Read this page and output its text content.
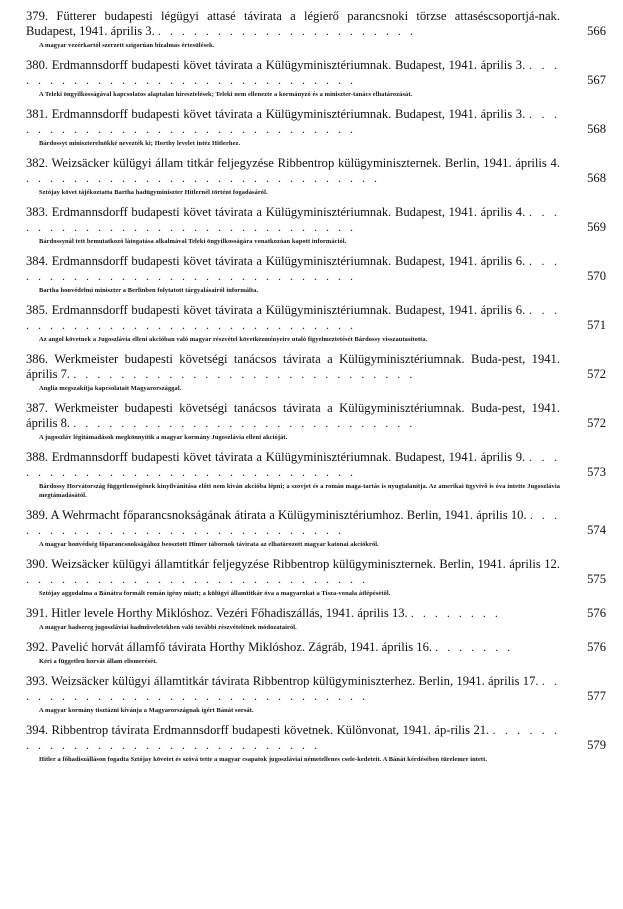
379. Fütterer budapesti légügyi attasé távirata a légierő parancsnoki törzse attaséscsoportjá-nak. Budapest, 1941. április 3. . . . . . . . . . . . . . . . . . . . . . .	566
A magyar vezérkartól szerzett szigorúan bizalmas értesülések.
380. Erdmannsdorff budapesti követ távirata a Külügyminisztériumnak. Budapest, 1941. április 3. . . . . . . . . . . . . . . . . . . . . . . . . . . . . . . .	567
A Teleki öngyilkosságával kapcsolatos alaptalan híresztelések; Teleki nem ellenezte a kormányzó és a miniszter-tanács elhatározását.
381. Erdmannsdorff budapesti követ távirata a Külügyminisztériumnak. Budapest, 1941. április 3. . . . . . . . . . . . . . . . . . . . . . . . . . . . . . . .	568
Bárdossyt miniszterelnökké nevezték ki; Horthy levelet intéz Hitlerhez.
382. Weizsäcker külügyi állam titkár feljegyzése Ribbentrop külügyminiszternek. Berlin, 1941. április 4. . . . . . . . . . . . . . . . . . . . . . . . . . . . . . .	568
Sztójay követ tájékoztatta Bartha hadügyminiszter Hitlernél történt fogadásáról.
383. Erdmannsdorff budapesti követ távirata a Külügyminisztériumnak. Budapest, 1941. április 4. . . . . . . . . . . . . . . . . . . . . . . . . . . . . . . .	569
Bárdossynál tett bemutatkozó látogatása alkalmával Teleki öngyilkosságára vonatkozóan kapott információl.
384. Erdmannsdorff budapesti követ távirata a Külügyminisztériumnak. Budapest, 1941. április 6. . . . . . . . . . . . . . . . . . . . . . . . . . . . . . . .	570
Bartha honvédelmi miniszter a Berlinben folytatott tárgyalásairól informálta.
385. Erdmannsdorff budapesti követ távirata a Külügyminisztériumnak. Budapest, 1941. április 6. . . . . . . . . . . . . . . . . . . . . . . . . . . . . . . .	571
Az angol követnek a Jugoszlávia elleni akcióban való magyar részvétel következményeire utaló figyelmeztetését Bárdossy visszautasította.
386. Werkmeister budapesti követségi tanácsos távirata a Külügyminisztériumnak. Buda-pest, 1941. április 7. . . . . . . . . . . . . . . . . . . . . . . . . . . . . .	572
Anglia megszakítja kapcsolatait Magyarországgal.
387. Werkmeister budapesti követségi tanácsos távirata a Külügyminisztériumnak. Buda-pest, 1941. április 8. . . . . . . . . . . . . . . . . . . . . . . . . . . . . .	572
A jugoszláv légitámadások megkönnyítik a magyar kormány Jugoszlávia elleni akcióját.
388. Erdmannsdorff budapesti követ távirata a Külügyminisztériumnak. Budapest, 1941. április 9. . . . . . . . . . . . . . . . . . . . . . . . . . . . . . . .	573
Bárdossy Horvátország függetlenségének kinyilvánítása előtt nem kíván akcióba lépni; a szovjet és a román maga-tartás is nyugtalanítja. Az amerikai ügyvivő is óva intette Jugoszlávia megtámadásától.
389. A Wehrmacht főparancsnokságának átirata a Külügyminisztériumhoz. Berlin, 1941. április 10. . . . . . . . . . . . . . . . . . . . . . . . . . . . . . .	574
A magyar honvédség főparancsnokságához beosztott Himer tábornok távirata az elhatározott magyar katonai akciókról.
390. Weizsäcker külügyi államtitkár feljegyzése Ribbentrop külügyminiszternek. Berlin, 1941. április 12. . . . . . . . . . . . . . . . . . . . . . . . . . . . . .	575
Sztójay aggodalma a Bánátra formált román igény miatt; a külügyi államtitkár óva a magyarokat a Tisza-vonala átlépésétől.
391. Hitler levele Horthy Miklóshoz. Vezéri Főhadiszállás, 1941. április 13. . . . . . . . .	576
A magyar hadsereg jugoszláviai hadműveletekben való további részvételének módozatairól.
392. Pavelić horvát államfő távirata Horthy Miklóshoz. Zágráb, 1941. április 16. . . . . . . .	576
Kéri a független horvát állam elismerését.
393. Weizsäcker külügyi államtitkár távirata Ribbentrop külügyminiszterhez. Berlin, 1941. április 17. . . . . . . . . . . . . . . . . . . . . . . . . . . . . . . .	577
A magyar kormány tisztázni kívánja a Magyarországnak ígért Bánát sorsát.
394. Ribbentrop távirata Erdmannsdorff budapesti követnek. Különvonat, 1941. áp-rilis 21. . . . . . . . . . . . . . . . . . . . . . . . . . . . . . . .	579
Hitler a főhadiszálláson fogadta Sztójay követet és szóvá tette a magyar csapatok jugoszláviai németellenes csele-kedeteit. A Bánát kérdésében türelemre intett.
